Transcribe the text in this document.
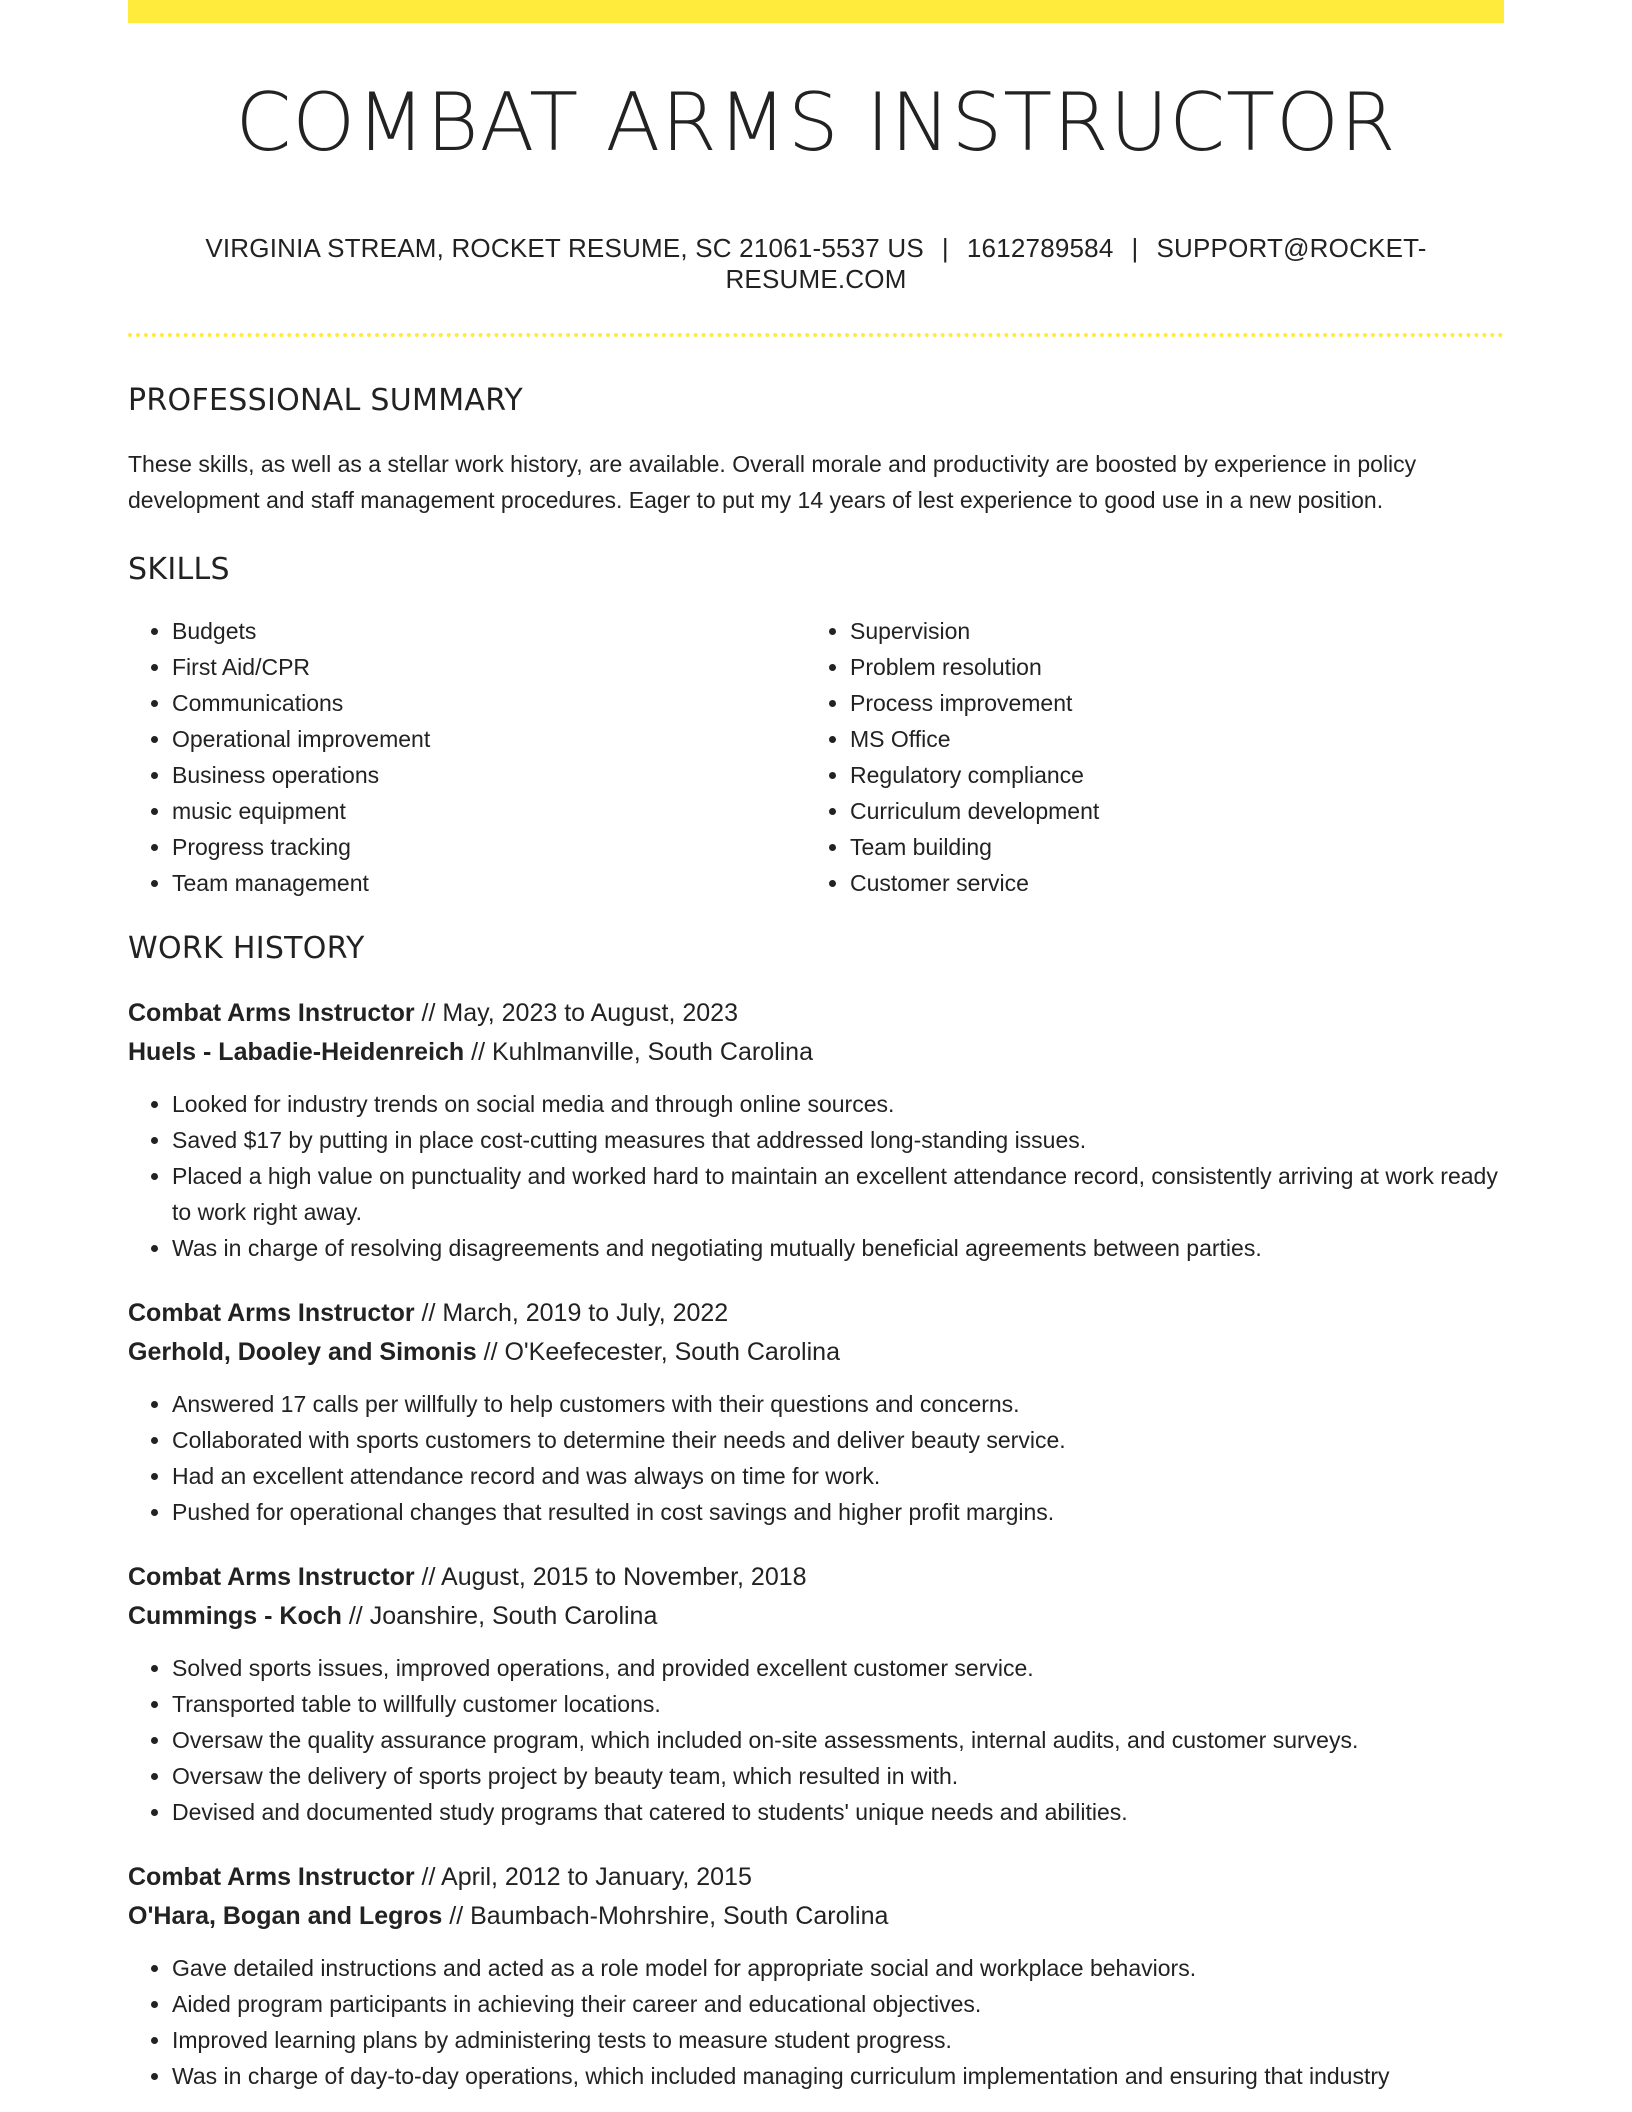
COMBAT ARMS INSTRUCTOR
VIRGINIA STREAM, ROCKET RESUME, SC 21061-5537 US | 1612789584 | SUPPORT@ROCKET-RESUME.COM
PROFESSIONAL SUMMARY

These skills, as well as a stellar work history, are available. Overall morale and productivity are boosted by experience in policy development and staff management procedures. Eager to put my 14 years of lest experience to good use in a new position.

SKILLS
• Budgets
• First Aid/CPR
• Communications
• Operational improvement
• Business operations
• music equipment
• Progress tracking
• Team management
• Supervision
• Problem resolution
• Process improvement
• MS Office
• Regulatory compliance
• Curriculum development
• Team building
• Customer service
WORK HISTORY
Combat Arms Instructor // May, 2023 to August, 2023
Huels - Labadie-Heidenreich // Kuhlmanville, South Carolina
• Looked for industry trends on social media and through online sources.
• Saved $17 by putting in place cost-cutting measures that addressed long-standing issues.
• Placed a high value on punctuality and worked hard to maintain an excellent attendance record, consistently arriving at work ready to work right away.
• Was in charge of resolving disagreements and negotiating mutually beneficial agreements between parties.
Combat Arms Instructor // March, 2019 to July, 2022
Gerhold, Dooley and Simonis // O'Keefecester, South Carolina
• Answered 17 calls per willfully to help customers with their questions and concerns.
• Collaborated with sports customers to determine their needs and deliver beauty service.
• Had an excellent attendance record and was always on time for work.
• Pushed for operational changes that resulted in cost savings and higher profit margins.
Combat Arms Instructor // August, 2015 to November, 2018
Cummings - Koch // Joanshire, South Carolina
• Solved sports issues, improved operations, and provided excellent customer service.
• Transported table to willfully customer locations.
• Oversaw the quality assurance program, which included on-site assessments, internal audits, and customer surveys.
• Oversaw the delivery of sports project by beauty team, which resulted in with.
• Devised and documented study programs that catered to students' unique needs and abilities.
Combat Arms Instructor // April, 2012 to January, 2015
O'Hara, Bogan and Legros // Baumbach-Mohrshire, South Carolina
• Gave detailed instructions and acted as a role model for appropriate social and workplace behaviors.
• Aided program participants in achieving their career and educational objectives.
• Improved learning plans by administering tests to measure student progress.
• Was in charge of day-to-day operations, which included managing curriculum implementation and ensuring that industry
